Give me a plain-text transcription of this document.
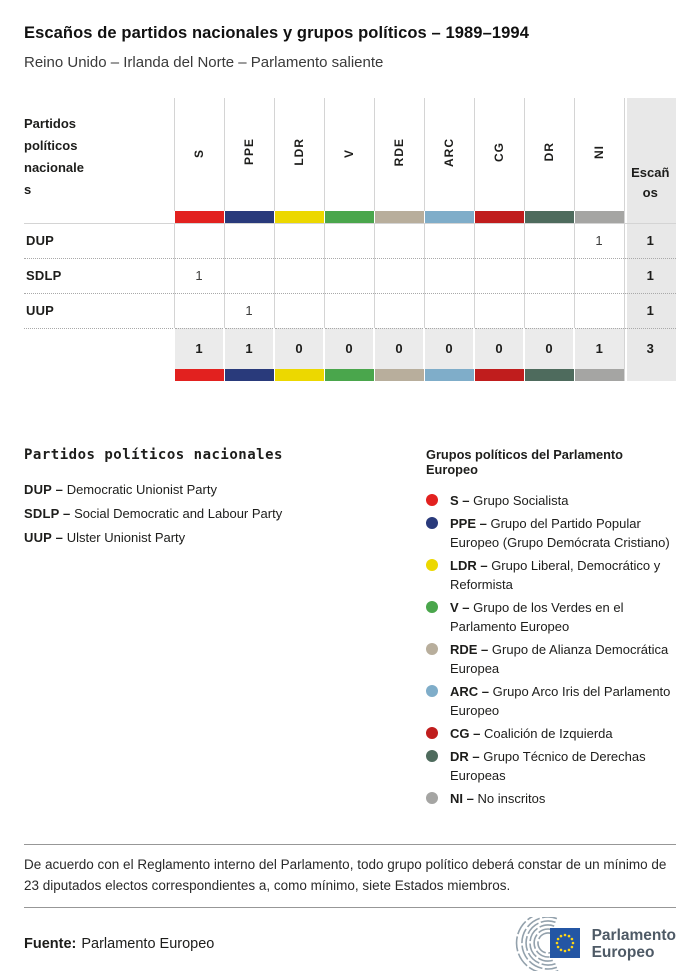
Escaños de partidos nacionales y grupos políticos – 1989–1994
Reino Unido – Irlanda del Norte – Parlamento saliente
Partidos políticos nacionales	S	PPE	LDR	V	RDE	ARC	CG	DR	NI	Escaños

DUP									1	1
SDLP	1									1
UUP		1								1
	1	1	0	0	0	0	0	0	1	3

Partidos políticos nacionales
DUP – Democratic Unionist Party
SDLP – Social Democratic and Labour Party
UUP – Ulster Unionist Party
Grupos políticos del Parlamento Europeo
S – Grupo Socialista
PPE – Grupo del Partido Popular Europeo (Grupo Demócrata Cristiano)
LDR – Grupo Liberal, Democrático y Reformista
V – Grupo de los Verdes en el Parlamento Europeo
RDE – Grupo de Alianza Democrática Europea
ARC – Grupo Arco Iris del Parlamento Europeo
CG – Coalición de Izquierda
DR – Grupo Técnico de Derechas Europeas
NI – No inscritos

De acuerdo con el Reglamento interno del Parlamento, todo grupo político deberá constar de un mínimo de 23 diputados electos correspondientes a, como mínimo, siete Estados miembros.

Fuente: Parlamento Europeo	Parlamento
Europeo
